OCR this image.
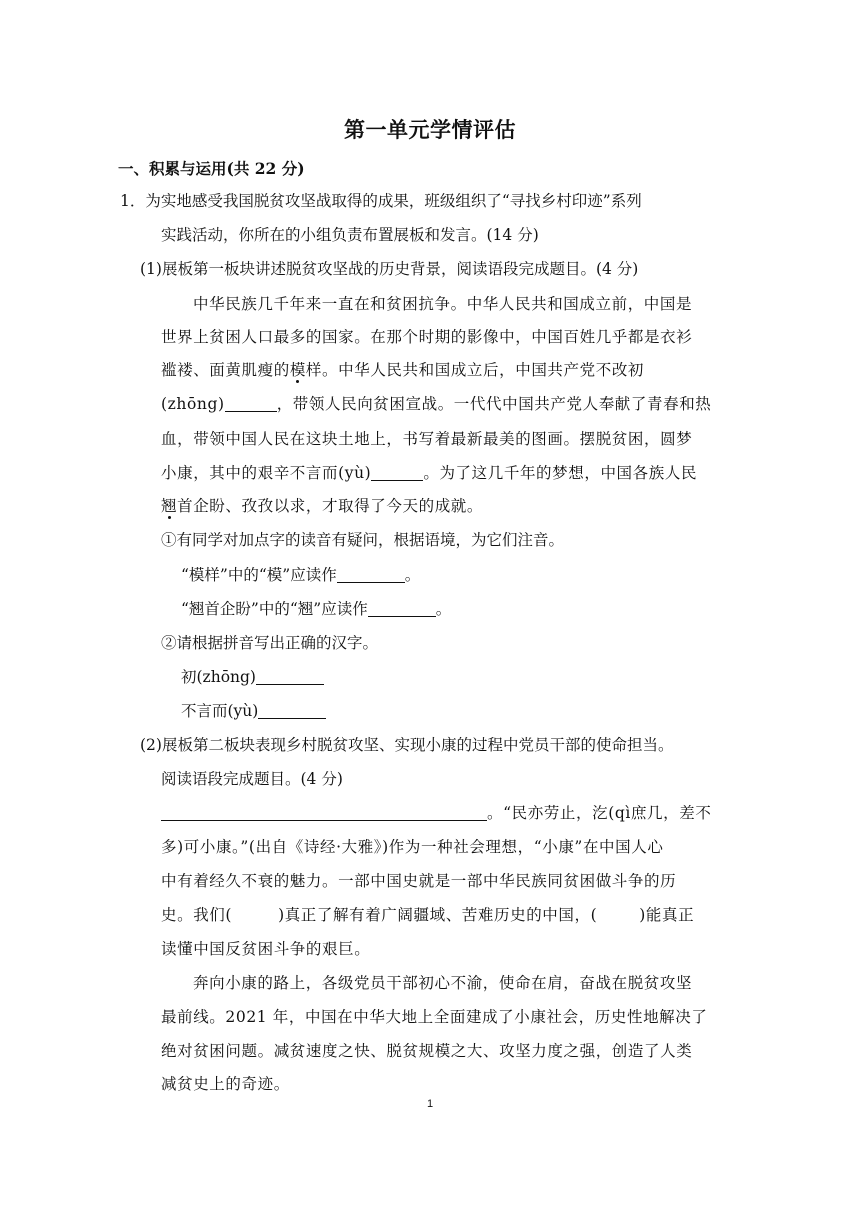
第一单元学情评估
一、积累与运用(共 22 分)
1．为实地感受我国脱贫攻坚战取得的成果，班级组织了“寻找乡村印迹”系列
实践活动，你所在的小组负责布置展板和发言。(14 分)
(1)展板第一板块讲述脱贫攻坚战的历史背景，阅读语段完成题目。(4 分)
中华民族几千年来一直在和贫困抗争。中华人民共和国成立前，中国是
世界上贫困人口最多的国家。在那个时期的影像中，中国百姓几乎都是衣衫
褴褛、面黄肌瘦的模样。中华人民共和国成立后，中国共产党不改初
(zhōng)	，带领人民向贫困宣战。一代代中国共产党人奉献了青春和热
血，带领中国人民在这块土地上，书写着最新最美的图画。摆脱贫困，圆梦
小康，其中的艰辛不言而(yù)	。为了这几千年的梦想，中国各族人民
翘首企盼、孜孜以求，才取得了今天的成就。
①有同学对加点字的读音有疑问，根据语境，为它们注音。
“模样”中的“模”应读作	。
“翘首企盼”中的“翘”应读作	。
②请根据拼音写出正确的汉字。
初(zhōng)
不言而(yù)
(2)展板第二板块表现乡村脱贫攻坚、实现小康的过程中党员干部的使命担当。
阅读语段完成题目。(4 分)
。“民亦劳止，汔(qì庶几，差不
多)可小康。”(出自《诗经·大雅》)作为一种社会理想，“小康”在中国人心
中有着经久不衰的魅力。一部中国史就是一部中华民族同贫困做斗争的历
史。我们(	)真正了解有着广阔疆域、苦难历史的中国，(	)能真正
读懂中国反贫困斗争的艰巨。
奔向小康的路上，各级党员干部初心不渝，使命在肩，奋战在脱贫攻坚
最前线。2021 年，中国在中华大地上全面建成了小康社会，历史性地解决了
绝对贫困问题。减贫速度之快、脱贫规模之大、攻坚力度之强，创造了人类
减贫史上的奇迹。
1
